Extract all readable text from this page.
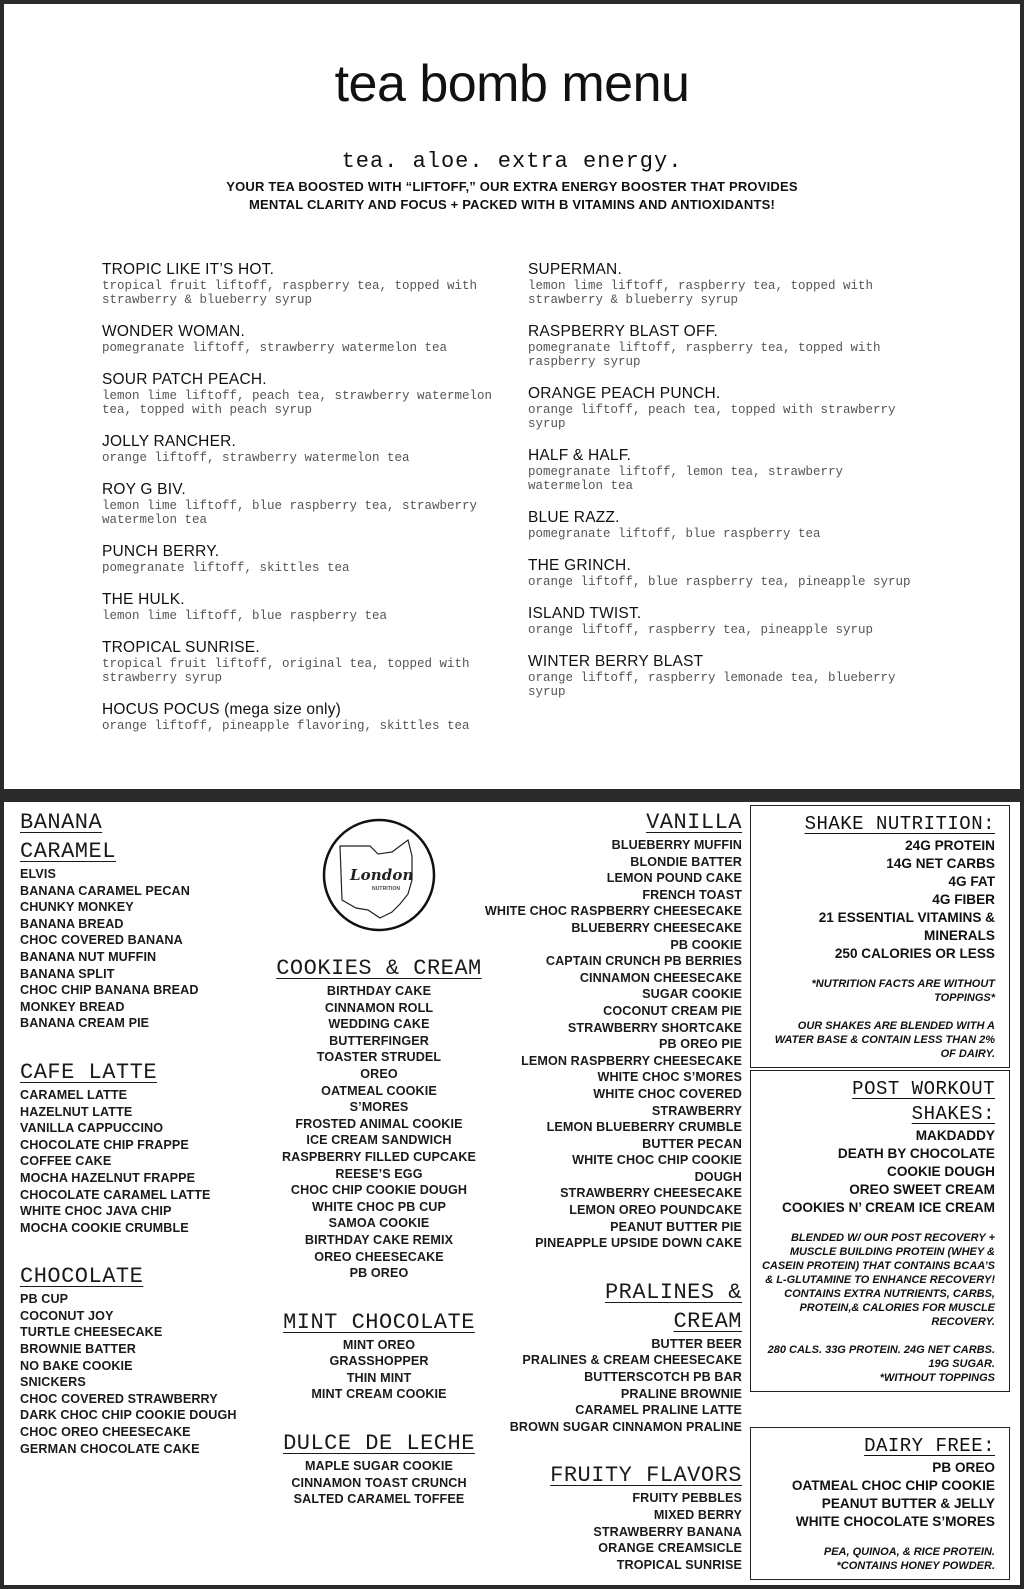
tea bomb menu
tea. aloe. extra energy.
YOUR TEA BOOSTED WITH “LIFTOFF,” OUR EXTRA ENERGY BOOSTER THAT PROVIDES
MENTAL CLARITY AND FOCUS + PACKED WITH B VITAMINS AND ANTIOXIDANTS!
TROPIC LIKE IT’S HOT.
tropical fruit liftoff, raspberry tea, topped with strawberry & blueberry syrup
WONDER WOMAN.
pomegranate liftoff, strawberry watermelon tea
SOUR PATCH PEACH.
lemon lime liftoff, peach tea, strawberry watermelon tea, topped with peach syrup
JOLLY RANCHER.
orange liftoff, strawberry watermelon tea
ROY G BIV.
lemon lime liftoff, blue raspberry tea, strawberry watermelon tea
PUNCH BERRY.
pomegranate liftoff, skittles tea
THE HULK.
lemon lime liftoff, blue raspberry tea
TROPICAL SUNRISE.
tropical fruit liftoff, original tea, topped with strawberry syrup
HOCUS POCUS (mega size only)
orange liftoff, pineapple flavoring, skittles tea
SUPERMAN.
lemon lime liftoff, raspberry tea, topped with strawberry & blueberry syrup
RASPBERRY BLAST OFF.
pomegranate liftoff, raspberry tea, topped with raspberry syrup
ORANGE PEACH PUNCH.
orange liftoff, peach tea, topped with strawberry syrup
HALF & HALF.
pomegranate liftoff, lemon tea, strawberry watermelon tea
BLUE RAZZ.
pomegranate liftoff, blue raspberry tea
THE GRINCH.
orange liftoff, blue raspberry tea, pineapple syrup
ISLAND TWIST.
orange liftoff, raspberry tea, pineapple syrup
WINTER BERRY BLAST
orange liftoff, raspberry lemonade tea, blueberry syrup
BANANA
CARAMEL
ELVIS
BANANA CARAMEL PECAN
CHUNKY MONKEY
BANANA BREAD
CHOC COVERED BANANA
BANANA NUT MUFFIN
BANANA SPLIT
CHOC CHIP BANANA BREAD
MONKEY BREAD
BANANA CREAM PIE
CAFE LATTE
CARAMEL LATTE
HAZELNUT LATTE
VANILLA CAPPUCCINO
CHOCOLATE CHIP FRAPPE
COFFEE CAKE
MOCHA HAZELNUT FRAPPE
CHOCOLATE CARAMEL LATTE
WHITE CHOC JAVA CHIP
MOCHA COOKIE CRUMBLE
CHOCOLATE
PB CUP
COCONUT JOY
TURTLE CHEESECAKE
BROWNIE BATTER
NO BAKE COOKIE
SNICKERS
CHOC COVERED STRAWBERRY
DARK CHOC CHIP COOKIE DOUGH
CHOC OREO CHEESECAKE
GERMAN CHOCOLATE CAKE
London
NUTRITION
COOKIES & CREAM
BIRTHDAY CAKE
CINNAMON ROLL
WEDDING CAKE
BUTTERFINGER
TOASTER STRUDEL
OREO
OATMEAL COOKIE
S’MORES
FROSTED ANIMAL COOKIE
ICE CREAM SANDWICH
RASPBERRY FILLED CUPCAKE
REESE’S EGG
CHOC CHIP COOKIE DOUGH
WHITE CHOC PB CUP
SAMOA COOKIE
BIRTHDAY CAKE REMIX
OREO CHEESECAKE
PB OREO
MINT CHOCOLATE
MINT OREO
GRASSHOPPER
THIN MINT
MINT CREAM COOKIE
DULCE DE LECHE
MAPLE SUGAR COOKIE
CINNAMON TOAST CRUNCH
SALTED CARAMEL TOFFEE
VANILLA
BLUEBERRY MUFFIN
BLONDIE BATTER
LEMON POUND CAKE
FRENCH TOAST
WHITE CHOC RASPBERRY CHEESECAKE
BLUEBERRY CHEESECAKE
PB COOKIE
CAPTAIN CRUNCH PB BERRIES
CINNAMON CHEESECAKE
SUGAR COOKIE
COCONUT CREAM PIE
STRAWBERRY SHORTCAKE
PB OREO PIE
LEMON RASPBERRY CHEESECAKE
WHITE CHOC S’MORES
WHITE CHOC COVERED
STRAWBERRY
LEMON BLUEBERRY CRUMBLE
BUTTER PECAN
WHITE CHOC CHIP COOKIE
DOUGH
STRAWBERRY CHEESECAKE
LEMON OREO POUNDCAKE
PEANUT BUTTER PIE
PINEAPPLE UPSIDE DOWN CAKE
PRALINES &
CREAM
BUTTER BEER
PRALINES & CREAM CHEESECAKE
BUTTERSCOTCH PB BAR
PRALINE BROWNIE
CARAMEL PRALINE LATTE
BROWN SUGAR CINNAMON PRALINE
FRUITY FLAVORS
FRUITY PEBBLES
MIXED BERRY
STRAWBERRY BANANA
ORANGE CREAMSICLE
TROPICAL SUNRISE
SHAKE NUTRITION:
24G PROTEIN
14G NET CARBS
4G FAT
4G FIBER
21 ESSENTIAL VITAMINS &
MINERALS
250 CALORIES OR LESS
*NUTRITION FACTS ARE WITHOUT TOPPINGS*
OUR SHAKES ARE BLENDED WITH A WATER BASE & CONTAIN LESS THAN 2% OF DAIRY.
POST WORKOUT
SHAKES:
MAKDADDY
DEATH BY CHOCOLATE
COOKIE DOUGH
OREO SWEET CREAM
COOKIES N’ CREAM ICE CREAM
BLENDED W/ OUR POST RECOVERY + MUSCLE BUILDING PROTEIN (WHEY & CASEIN PROTEIN) THAT CONTAINS BCAA’S & L-GLUTAMINE TO ENHANCE RECOVERY! CONTAINS EXTRA NUTRIENTS, CARBS, PROTEIN,& CALORIES FOR MUSCLE RECOVERY.
280 CALS. 33G PROTEIN. 24G NET CARBS. 19G SUGAR.
*WITHOUT TOPPINGS
DAIRY FREE:
PB OREO
OATMEAL CHOC CHIP COOKIE
PEANUT BUTTER & JELLY
WHITE CHOCOLATE S’MORES
PEA, QUINOA, & RICE PROTEIN.
*CONTAINS HONEY POWDER.
